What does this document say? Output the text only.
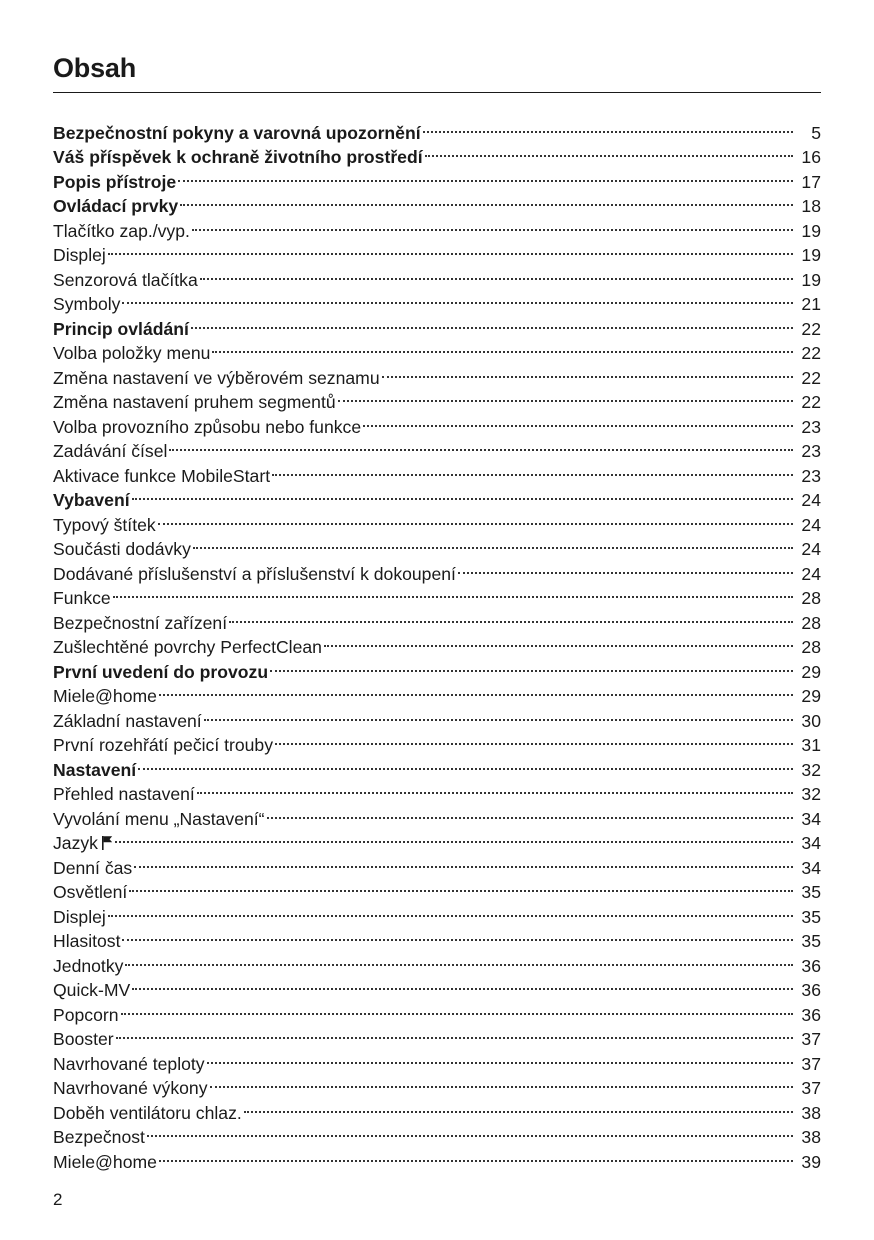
Obsah
Bezpečnostní pokyny a varovná upozornění	5
Váš příspěvek k ochraně životního prostředí	16
Popis přístroje	17
Ovládací prvky	18
Tlačítko zap./vyp.	19
Displej	19
Senzorová tlačítka	19
Symboly	21
Princip ovládání	22
Volba položky menu	22
Změna nastavení ve výběrovém seznamu	22
Změna nastavení pruhem segmentů	22
Volba provozního způsobu nebo funkce	23
Zadávání čísel	23
Aktivace funkce MobileStart	23
Vybavení	24
Typový štítek	24
Součásti dodávky	24
Dodávané příslušenství a příslušenství k dokoupení	24
Funkce	28
Bezpečnostní zařízení	28
Zušlechtěné povrchy PerfectClean	28
První uvedení do provozu	29
Miele@home	29
Základní nastavení	30
První rozehřátí pečicí trouby	31
Nastavení	32
Přehled nastavení	32
Vyvolání menu „Nastavení“	34
Jazyk	34
Denní čas	34
Osvětlení	35
Displej	35
Hlasitost	35
Jednotky	36
Quick-MV	36
Popcorn	36
Booster	37
Navrhované teploty	37
Navrhované výkony	37
Doběh ventilátoru chlaz.	38
Bezpečnost	38
Miele@home	39
2
